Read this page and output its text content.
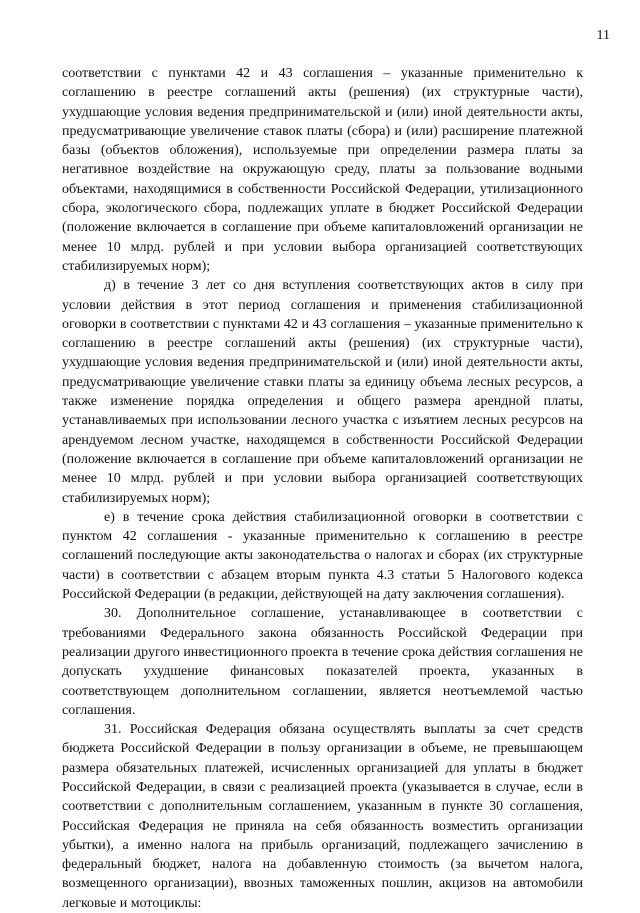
11

соответствии с пунктами 42 и 43 соглашения – указанные применительно к соглашению в реестре соглашений акты (решения) (их структурные части), ухудшающие условия ведения предпринимательской и (или) иной деятельности акты, предусматривающие увеличение ставок платы (сбора) и (или) расширение платежной базы (объектов обложения), используемые при определении размера платы за негативное воздействие на окружающую среду, платы за пользование водными объектами, находящимися в собственности Российской Федерации, утилизационного сбора, экологического сбора, подлежащих уплате в бюджет Российской Федерации (положение включается в соглашение при объеме капиталовложений организации не менее 10 млрд. рублей и при условии выбора организацией соответствующих стабилизируемых норм);

д) в течение 3 лет со дня вступления соответствующих актов в силу при условии действия в этот период соглашения и применения стабилизационной оговорки в соответствии с пунктами 42 и 43 соглашения – указанные применительно к соглашению в реестре соглашений акты (решения) (их структурные части), ухудшающие условия ведения предпринимательской и (или) иной деятельности акты, предусматривающие увеличение ставки платы за единицу объема лесных ресурсов, а также изменение порядка определения и общего размера арендной платы, устанавливаемых при использовании лесного участка с изъятием лесных ресурсов на арендуемом лесном участке, находящемся в собственности Российской Федерации (положение включается в соглашение при объеме капиталовложений организации не менее 10 млрд. рублей и при условии выбора организацией соответствующих стабилизируемых норм);

е) в течение срока действия стабилизационной оговорки в соответствии с пунктом 42 соглашения - указанные применительно к соглашению в реестре соглашений последующие акты законодательства о налогах и сборах (их структурные части) в соответствии с абзацем вторым пункта 4.3 статьи 5 Налогового кодекса Российской Федерации (в редакции, действующей на дату заключения соглашения).

30. Дополнительное соглашение, устанавливающее в соответствии с требованиями Федерального закона обязанность Российской Федерации при реализации другого инвестиционного проекта в течение срока действия соглашения не допускать ухудшение финансовых показателей проекта, указанных в соответствующем дополнительном соглашении, является неотъемлемой частью соглашения.

31. Российская Федерация обязана осуществлять выплаты за счет средств бюджета Российской Федерации в пользу организации в объеме, не превышающем размера обязательных платежей, исчисленных организацией для уплаты в бюджет Российской Федерации, в связи с реализацией проекта (указывается в случае, если в соответствии с дополнительным соглашением, указанным в пункте 30 соглашения, Российская Федерация не приняла на себя обязанность возместить организации убытки), а именно налога на прибыль организаций, подлежащего зачислению в федеральный бюджет, налога на добавленную стоимость (за вычетом налога, возмещенного организации), ввозных таможенных пошлин, акцизов на автомобили легковые и мотоциклы:
